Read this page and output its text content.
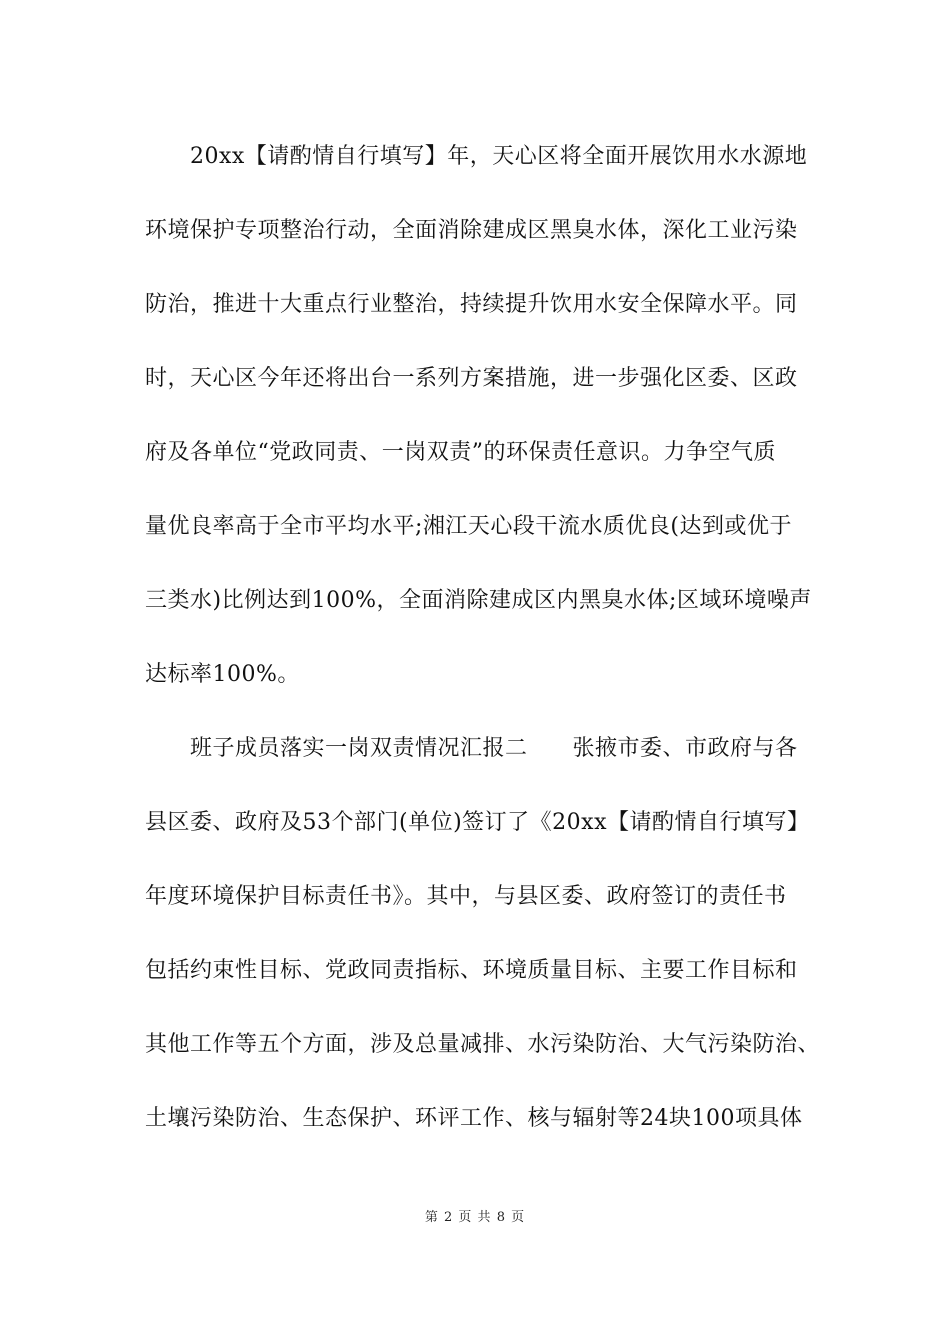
　　20xx【请酌情自行填写】年，天心区将全面开展饮用水水源地
环境保护专项整治行动，全面消除建成区黑臭水体，深化工业污染
防治，推进十大重点行业整治，持续提升饮用水安全保障水平。同
时，天心区今年还将出台一系列方案措施，进一步强化区委、区政
府及各单位“党政同责、一岗双责”的环保责任意识。力争空气质
量优良率高于全市平均水平;湘江天心段干流水质优良(达到或优于
三类水)比例达到100%，全面消除建成区内黑臭水体;区域环境噪声
达标率100%。
　　班子成员落实一岗双责情况汇报二　　张掖市委、市政府与各
县区委、政府及53个部门(单位)签订了《20xx【请酌情自行填写】
年度环境保护目标责任书》。其中，与县区委、政府签订的责任书
包括约束性目标、党政同责指标、环境质量目标、主要工作目标和
其他工作等五个方面，涉及总量减排、水污染防治、大气污染防治、
土壤污染防治、生态保护、环评工作、核与辐射等24块100项具体
第 2 页 共 8 页
